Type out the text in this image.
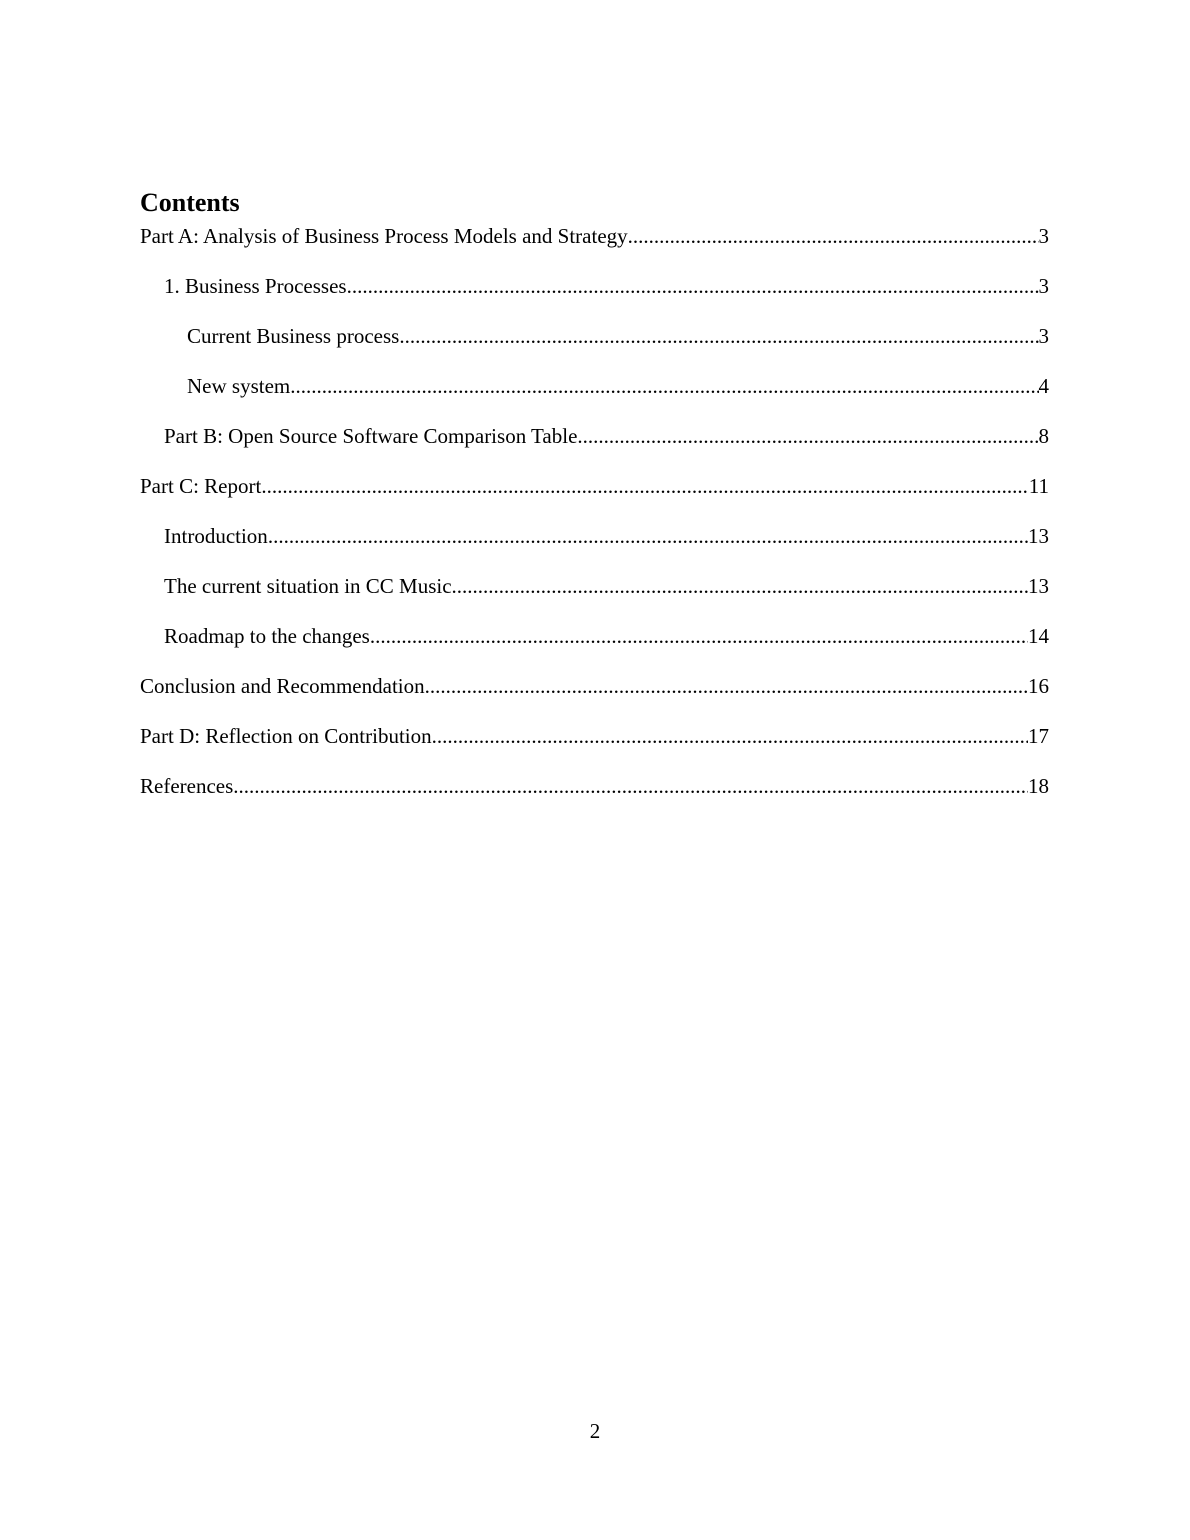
Contents
Part A: Analysis of Business Process Models and Strategy .....	3
1. Business Processes .....	3
Current Business process .....	3
New system .....	4
Part B: Open Source Software Comparison Table .....	8
Part C: Report .....	11
Introduction .....	13
The current situation in CC Music .....	13
Roadmap to the changes .....	14
Conclusion and Recommendation .....	16
Part D: Reflection on Contribution .....	17
References .....	18
2
